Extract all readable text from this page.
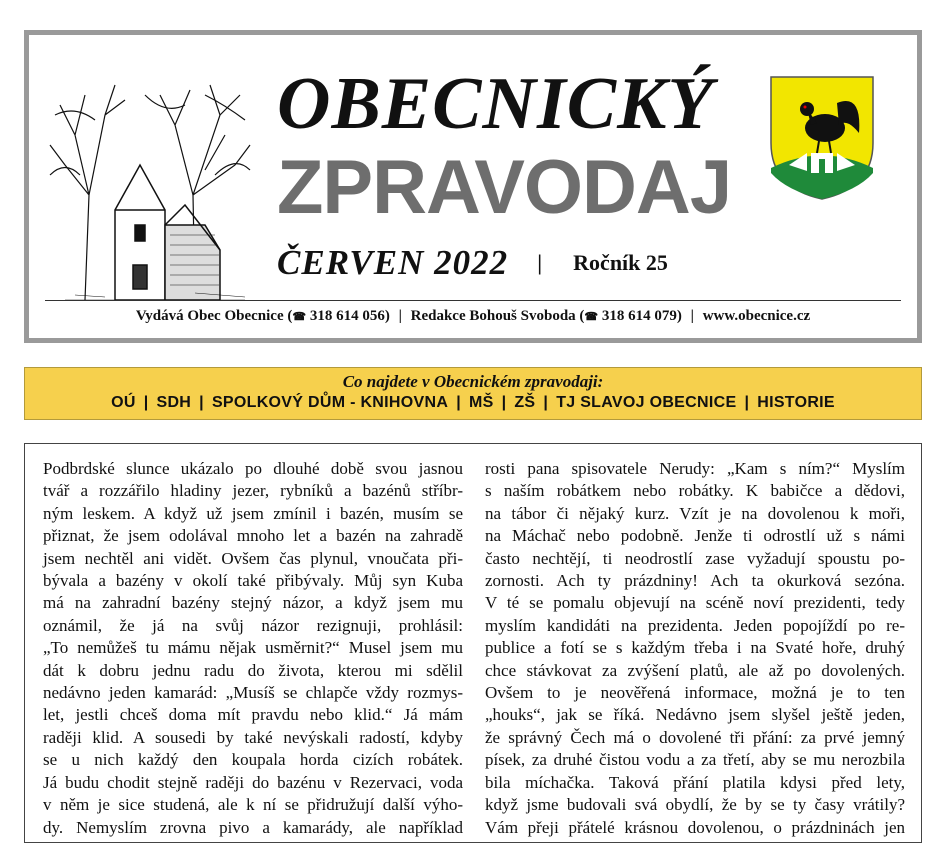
OBECNICKÝ
ZPRAVODAJ
ČERVEN 2022 | Ročník 25
Vydává Obec Obecnice (☎ 318 614 056) | Redakce Bohouš Svoboda (☎ 318 614 079) | www.obecnice.cz
Co najdete v Obecnickém zpravodaji:
OÚ | SDH | SPOLKOVÝ DŮM - KNIHOVNA | MŠ | ZŠ | TJ SLAVOJ OBECNICE | HISTORIE
Podbrdské slunce ukázalo po dlouhé době svou jasnou
tvář a rozzářilo hladiny jezer, rybníků a bazénů stříbr-
ným leskem. A když už jsem zmínil i bazén, musím se
přiznat, že jsem odolával mnoho let a bazén na zahradě
jsem nechtěl ani vidět. Ovšem čas plynul, vnoučata při-
bývala a bazény v okolí také přibývaly. Můj syn Kuba
má na zahradní bazény stejný názor, a když jsem mu
oznámil, že já na svůj názor rezignuji, prohlásil:
„To nemůžeš tu mámu nějak usměrnit?“ Musel jsem mu
dát k dobru jednu radu do života, kterou mi sdělil
nedávno jeden kamarád: „Musíš se chlapče vždy rozmys-
let, jestli chceš doma mít pravdu nebo klid.“ Já mám
raději klid. A sousedi by také nevýskali radostí, kdyby
se u nich každý den koupala horda cizích robátek.
Já budu chodit stejně raději do bazénu v Rezervaci, voda
v něm je sice studená, ale k ní se přidružují další výho-
dy. Nemyslím zrovna pivo a kamarády, ale například
rosti pana spisovatele Nerudy: „Kam s ním?“ Myslím
s naším robátkem nebo robátky. K babičce a dědovi,
na tábor či nějaký kurz. Vzít je na dovolenou k moři,
na Máchač nebo podobně. Jenže ti odrostlí už s námi
často nechtějí, ti neodrostlí zase vyžadují spoustu po-
zornosti. Ach ty prázdniny! Ach ta okurková sezóna.
V té se pomalu objevují na scéně noví prezidenti, tedy
myslím kandidáti na prezidenta. Jeden popojíždí po re-
publice a fotí se s každým třeba i na Svaté hoře, druhý
chce stávkovat za zvýšení platů, ale až po dovolených.
Ovšem to je neověřená informace, možná je to ten
„houks“, jak se říká. Nedávno jsem slyšel ještě jeden,
že správný Čech má o dovolené tři přání: za prvé jemný
písek, za druhé čistou vodu a za třetí, aby se mu nerozbila
bila míchačka. Taková přání platila kdysi před lety,
když jsme budovali svá obydlí, že by se ty časy vrátily?
Vám přeji přátelé krásnou dovolenou, o prázdninách jen
